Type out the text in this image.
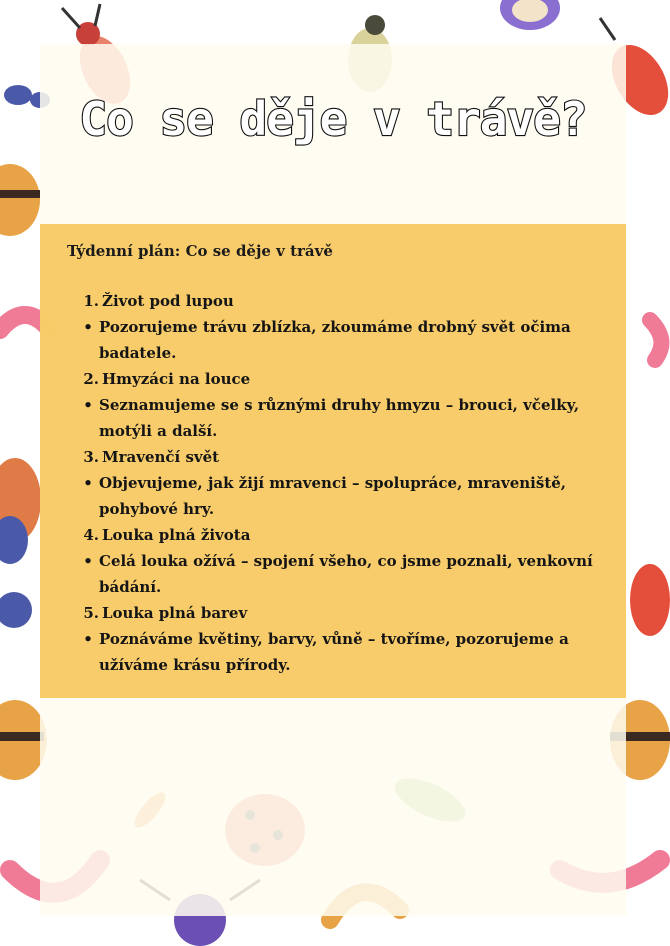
Co se děje v trávě?

Týdenní plán: Co se děje v trávě

1. Život pod lupou
• Pozorujeme trávu zblízka, zkoumáme drobný svět očima badatele.
2. Hmyzáci na louce
• Seznamujeme se s různými druhy hmyzu – brouci, včelky, motýli a další.
3. Mravenčí svět
• Objevujeme, jak žijí mravenci – spolupráce, mraveniště, pohybové hry.
4. Louka plná života
• Celá louka ožívá – spojení všeho, co jsme poznali, venkovní bádání.
5. Louka plná barev
• Poznáváme květiny, barvy, vůně – tvoříme, pozorujeme a užíváme krásu přírody.
